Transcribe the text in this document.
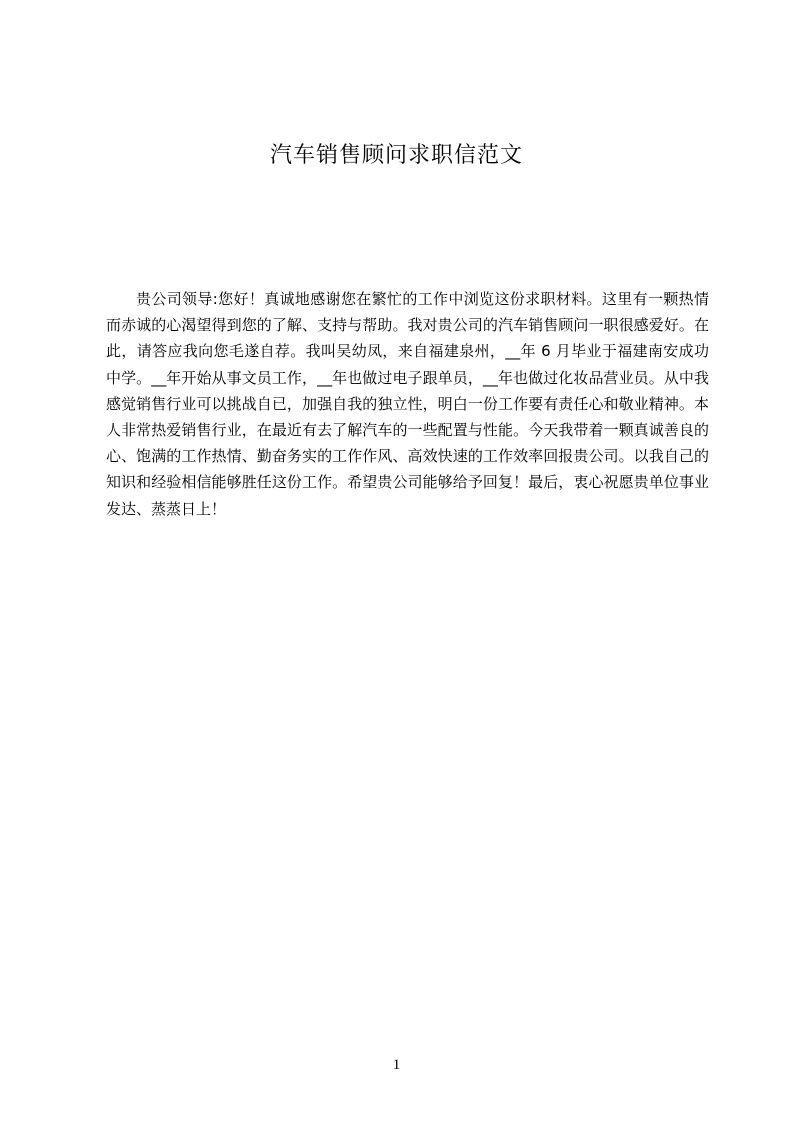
汽车销售顾问求职信范文

贵公司领导:您好！真诚地感谢您在繁忙的工作中浏览这份求职材料。这里有一颗热情而赤诚的心渴望得到您的了解、支持与帮助。我对贵公司的汽车销售顾问一职很感爱好。在此，请答应我向您毛遂自荐。我叫吴幼凤，来自福建泉州，__年 6 月毕业于福建南安成功中学。__年开始从事文员工作，__年也做过电子跟单员，__年也做过化妆品营业员。从中我感觉销售行业可以挑战自已，加强自我的独立性，明白一份工作要有责任心和敬业精神。本人非常热爱销售行业，在最近有去了解汽车的一些配置与性能。今天我带着一颗真诚善良的心、饱满的工作热情、勤奋务实的工作作风、高效快速的工作效率回报贵公司。以我自己的知识和经验相信能够胜任这份工作。希望贵公司能够给予回复！最后，衷心祝愿贵单位事业发达、蒸蒸日上！

1
